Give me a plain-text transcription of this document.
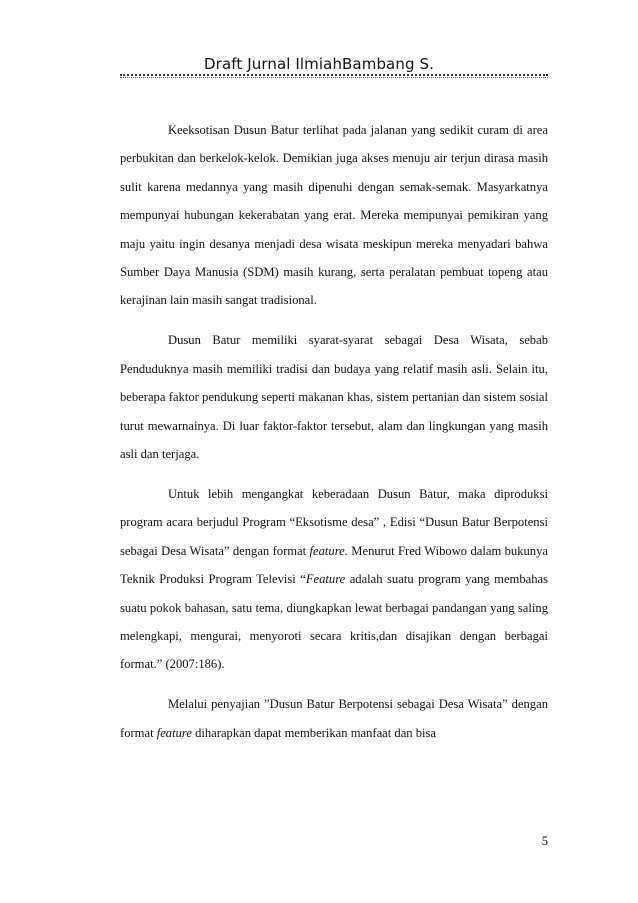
Draft Jurnal IlmiahBambang S.

Keeksotisan Dusun Batur terlihat pada jalanan yang sedikit curam di area perbukitan dan berkelok-kelok. Demikian juga akses menuju air terjun dirasa masih sulit karena medannya yang masih dipenuhi dengan semak-semak. Masyarkatnya mempunyai hubungan kekerabatan yang erat. Mereka mempunyai pemikiran yang maju yaitu ingin desanya menjadi desa wisata meskipun mereka menyadari bahwa Sumber Daya Manusia (SDM) masih kurang, serta peralatan pembuat topeng atau kerajinan lain masih sangat tradisional.

Dusun Batur memiliki syarat-syarat sebagai Desa Wisata, sebab Penduduknya masih memiliki tradisi dan budaya yang relatif masih asli. Selain itu, beberapa faktor pendukung seperti makanan khas, sistem pertanian dan sistem sosial turut mewarnainya. Di luar faktor-faktor tersebut, alam dan lingkungan yang masih asli dan terjaga.

Untuk lebih mengangkat keberadaan Dusun Batur, maka diproduksi program acara berjudul Program “Eksotisme desa” , Edisi “Dusun Batur Berpotensi sebagai Desa Wisata” dengan format feature. Menurut Fred Wibowo dalam bukunya Teknik Produksi Program Televisi “Feature adalah suatu program yang membahas suatu pokok bahasan, satu tema, diungkapkan lewat berbagai pandangan yang saling melengkapi, mengurai, menyoroti secara kritis,dan disajikan dengan berbagai format.” (2007:186).

Melalui penyajian ”Dusun Batur Berpotensi sebagai Desa Wisata” dengan format feature diharapkan dapat memberikan manfaat dan bisa

5
